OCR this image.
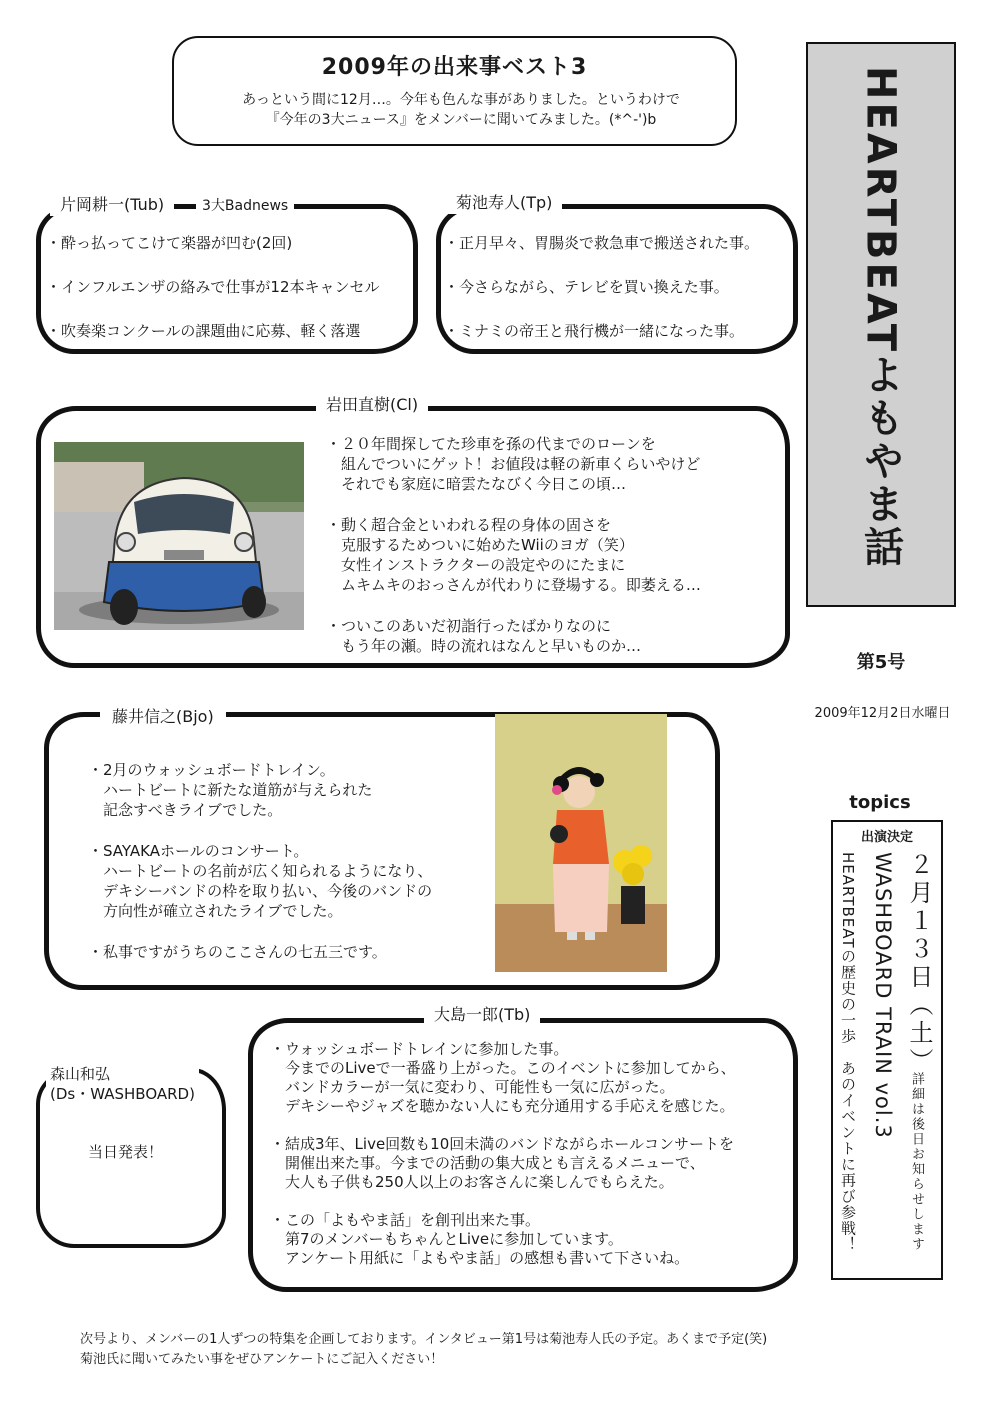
2009年の出来事ベスト3
あっという間に12月…。今年も色んな事がありました。というわけで
『今年の3大ニュース』をメンバーに聞いてみました。(*^-')b	HEARTBEATよもやま話
第5号
2009年12月2日水曜日
片岡耕一(Tub)	3大Badnews
・酔っ払ってこけて楽器が凹む(2回)
・インフルエンザの絡みで仕事が12本キャンセル
・吹奏楽コンクールの課題曲に応募、軽く落選
菊池寿人(Tp)
・正月早々、胃腸炎で救急車で搬送された事。
・今さらながら、テレビを買い換えた事。
・ミナミの帝王と飛行機が一緒になった事。
岩田直樹(Cl)
・２０年間探してた珍車を孫の代までのローンを
　組んでついにゲット！お値段は軽の新車くらいやけど
　それでも家庭に暗雲たなびく今日この頃…
・動く超合金といわれる程の身体の固さを
　克服するためついに始めたWiiのヨガ（笑）
　女性インストラクターの設定やのにたまに
　ムキムキのおっさんが代わりに登場する。即萎える…
・ついこのあいだ初詣行ったばかりなのに
　もう年の瀬。時の流れはなんと早いものか…
藤井信之(Bjo)
・2月のウォッシュボードトレイン。
　ハートビートに新たな道筋が与えられた
　記念すべきライブでした。
・SAYAKAホールのコンサート。
　ハートビートの名前が広く知られるようになり、
　デキシーバンドの枠を取り払い、今後のバンドの
　方向性が確立されたライブでした。
・私事ですがうちのここさんの七五三です。
森山和弘
(Ds・WASHBOARD)
当日発表！
大島一郎(Tb)
・ウォッシュボードトレインに参加した事。
　今までのLiveで一番盛り上がった。このイベントに参加してから、
　バンドカラーが一気に変わり、可能性も一気に広がった。
　デキシーやジャズを聴かない人にも充分通用する手応えを感じた。
・結成3年、Live回数も10回未満のバンドながらホールコンサートを
　開催出来た事。今までの活動の集大成とも言えるメニューで、
　大人も子供も250人以上のお客さんに楽しんでもらえた。
・この「よもやま話」を創刊出来た事。
　第7のメンバーもちゃんとLiveに参加しています。
　アンケート用紙に「よもやま話」の感想も書いて下さいね。
topics
出演決定
２月１３日（土）
WASHBOARD TRAIN vol.3
HEARTBEATの歴史の一歩　あのイベントに再び参戦！	詳細は後日お知らせします
次号より、メンバーの1人ずつの特集を企画しております。インタビュー第1号は菊池寿人氏の予定。あくまで予定(笑)
菊池氏に聞いてみたい事をぜひアンケートにご記入ください！
